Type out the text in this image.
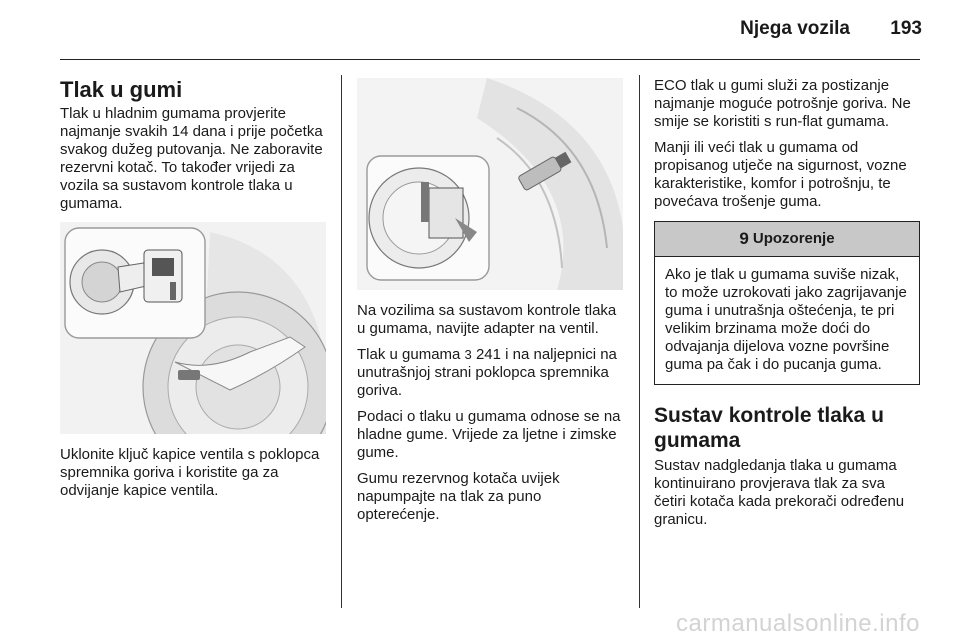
Njega vozila	193
Tlak u gumi

Tlak u hladnim gumama provjerite najmanje svakih 14 dana i prije početka svakog dužeg putovanja. Ne zaboravite rezervni kotač. To također vrijedi za vozila sa sustavom kontrole tlaka u gumama.

Uklonite ključ kapice ventila s poklopca spremnika goriva i koristite ga za odvijanje kapice ventila.

Na vozilima sa sustavom kontrole tlaka u gumama, navijte adapter na ventil.

Tlak u gumama 3 241 i na naljepnici na unutrašnjoj strani poklopca spremnika goriva.

Podaci o tlaku u gumama odnose se na hladne gume. Vrijede za ljetne i zimske gume.

Gumu rezervnog kotača uvijek napumpajte na tlak za puno opterećenje.

ECO tlak u gumi služi za postizanje najmanje moguće potrošnje goriva. Ne smije se koristiti s run-flat gumama.

Manji ili veći tlak u gumama od propisanog utječe na sigurnost, vozne karakteristike, komfor i potrošnju, te povećava trošenje guma.

9 Upozorenje
Ako je tlak u gumama suviše nizak, to može uzrokovati jako zagrijavanje guma i unutrašnja oštećenja, te pri velikim brzinama može doći do odvajanja dijelova vozne površine guma pa čak i do pucanja guma.
Sustav kontrole tlaka u gumama

Sustav nadgledanja tlaka u gumama kontinuirano provjerava tlak za sva četiri kotača kada prekorači određenu granicu.

carmanualsonline.info
